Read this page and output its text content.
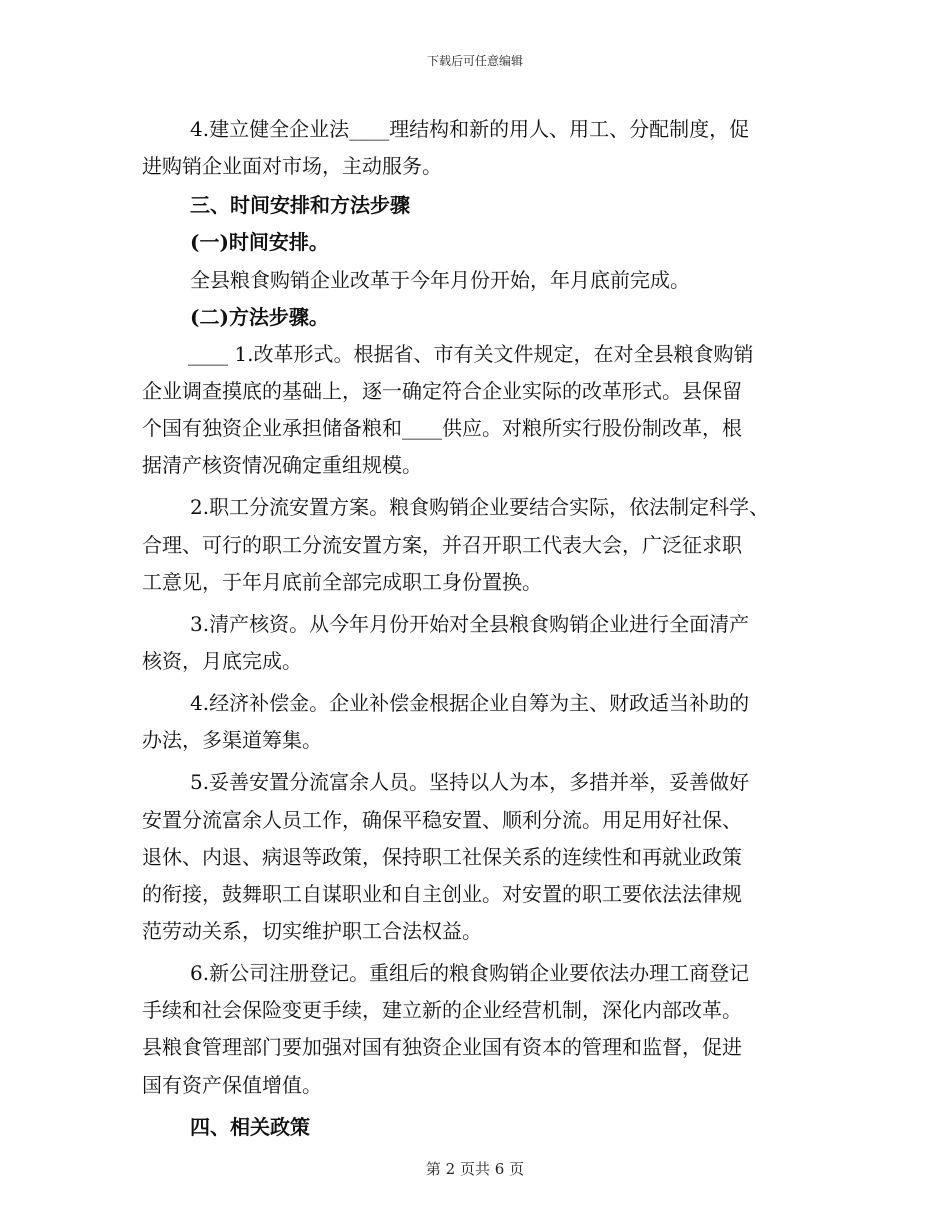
下载后可任意编辑
4.建立健全企业法____理结构和新的用人、用工、分配制度，促
进购销企业面对市场，主动服务。
三、时间安排和方法步骤
(一)时间安排。
全县粮食购销企业改革于今年月份开始，年月底前完成。
(二)方法步骤。
____ 1.改革形式。根据省、市有关文件规定，在对全县粮食购销
企业调查摸底的基础上，逐一确定符合企业实际的改革形式。县保留
个国有独资企业承担储备粮和____供应。对粮所实行股份制改革，根
据清产核资情况确定重组规模。
2.职工分流安置方案。粮食购销企业要结合实际，依法制定科学、
合理、可行的职工分流安置方案，并召开职工代表大会，广泛征求职
工意见，于年月底前全部完成职工身份置换。
3.清产核资。从今年月份开始对全县粮食购销企业进行全面清产
核资，月底完成。
4.经济补偿金。企业补偿金根据企业自筹为主、财政适当补助的
办法，多渠道筹集。
5.妥善安置分流富余人员。坚持以人为本，多措并举，妥善做好
安置分流富余人员工作，确保平稳安置、顺利分流。用足用好社保、
退休、内退、病退等政策，保持职工社保关系的连续性和再就业政策
的衔接，鼓舞职工自谋职业和自主创业。对安置的职工要依法法律规
范劳动关系，切实维护职工合法权益。
6.新公司注册登记。重组后的粮食购销企业要依法办理工商登记
手续和社会保险变更手续，建立新的企业经营机制，深化内部改革。
县粮食管理部门要加强对国有独资企业国有资本的管理和监督，促进
国有资产保值增值。
四、相关政策
第 2 页共 6 页
